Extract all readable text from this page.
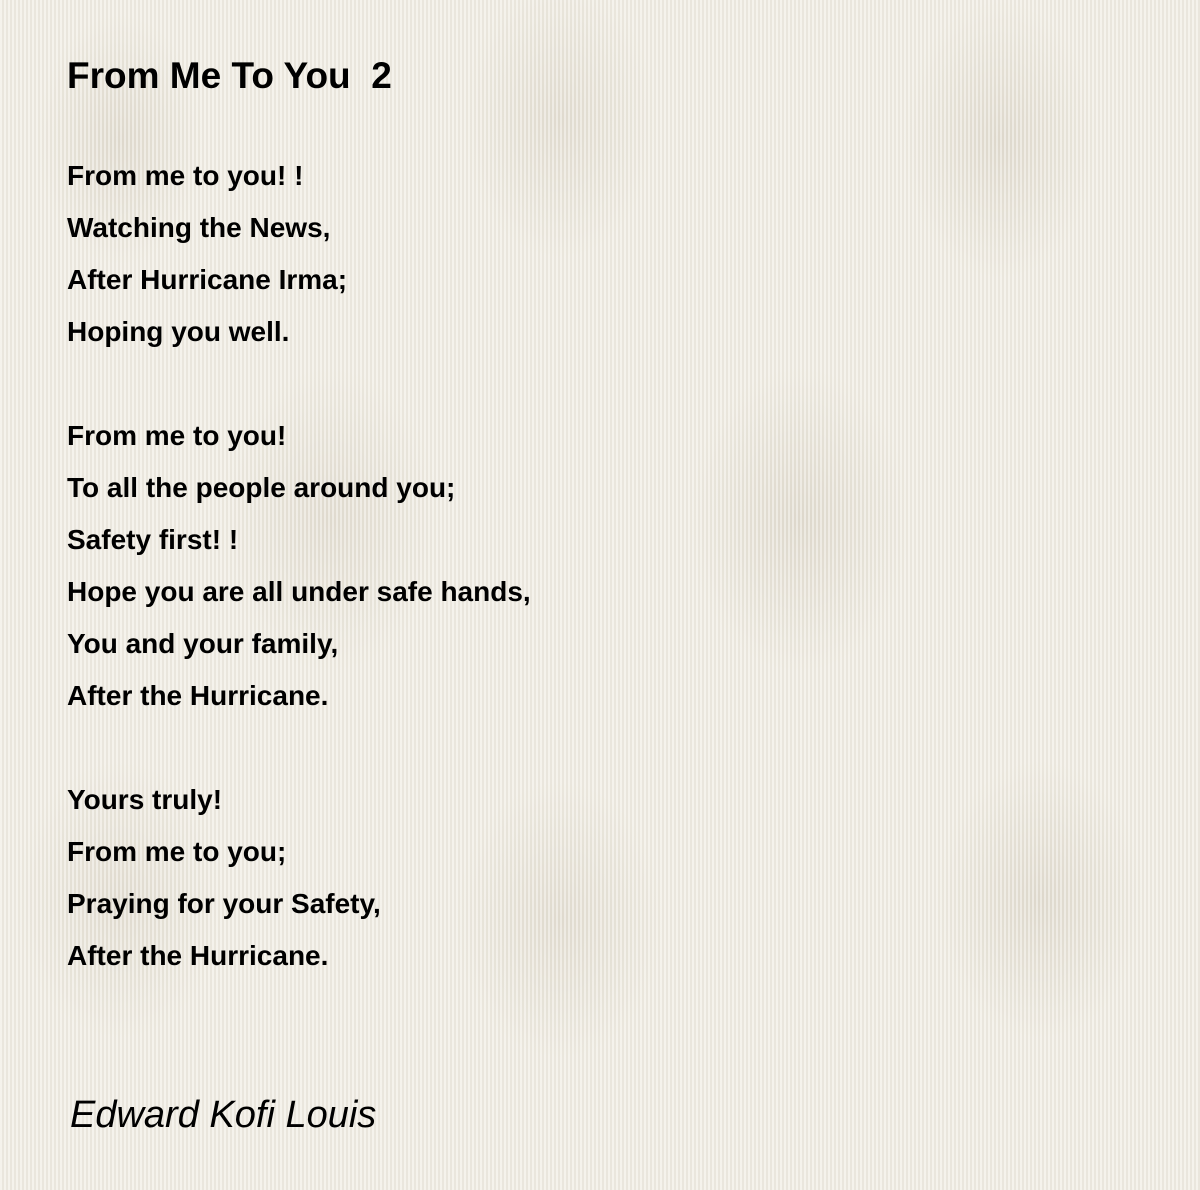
From Me To You  2
From me to you! !
Watching the News,
After Hurricane Irma;
Hoping you well.
From me to you!
To all the people around you;
Safety first! !
Hope you are all under safe hands,
You and your family,
After the Hurricane.
Yours truly!
From me to you;
Praying for your Safety,
After the Hurricane.
Edward Kofi Louis
